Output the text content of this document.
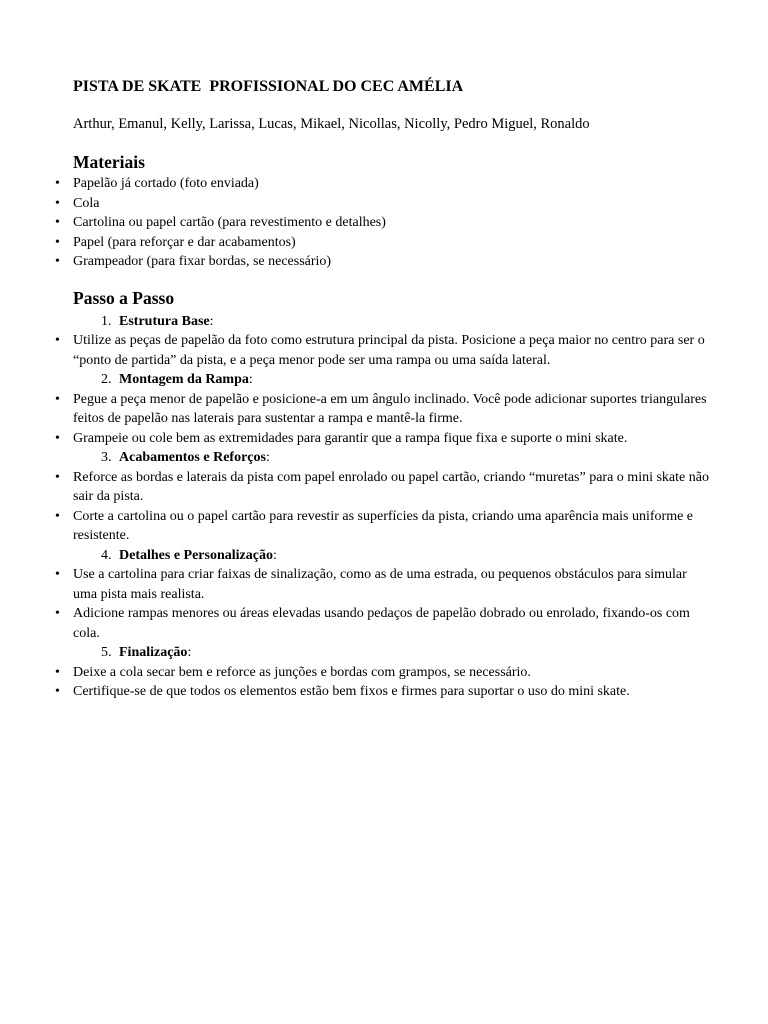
PISTA DE SKATE  PROFISSIONAL DO CEC AMÉLIA

Arthur, Emanul, Kelly, Larissa, Lucas, Mikael, Nicollas, Nicolly, Pedro Miguel, Ronaldo

Materiais
• Papelão já cortado (foto enviada)
• Cola
• Cartolina ou papel cartão (para revestimento e detalhes)
• Papel (para reforçar e dar acabamentos)
• Grampeador (para fixar bordas, se necessário)
Passo a Passo
1. Estrutura Base:
• Utilize as peças de papelão da foto como estrutura principal da pista. Posicione a peça maior no centro para ser o “ponto de partida” da pista, e a peça menor pode ser uma rampa ou uma saída lateral.
2. Montagem da Rampa:
• Pegue a peça menor de papelão e posicione-a em um ângulo inclinado. Você pode adicionar suportes triangulares feitos de papelão nas laterais para sustentar a rampa e mantê-la firme.
• Grampeie ou cole bem as extremidades para garantir que a rampa fique fixa e suporte o mini skate.
3. Acabamentos e Reforços:
• Reforce as bordas e laterais da pista com papel enrolado ou papel cartão, criando “muretas” para o mini skate não sair da pista.
• Corte a cartolina ou o papel cartão para revestir as superfícies da pista, criando uma aparência mais uniforme e resistente.
4. Detalhes e Personalização:
• Use a cartolina para criar faixas de sinalização, como as de uma estrada, ou pequenos obstáculos para simular uma pista mais realista.
• Adicione rampas menores ou áreas elevadas usando pedaços de papelão dobrado ou enrolado, fixando-os com cola.
5. Finalização:
• Deixe a cola secar bem e reforce as junções e bordas com grampos, se necessário.
• Certifique-se de que todos os elementos estão bem fixos e firmes para suportar o uso do mini skate.
